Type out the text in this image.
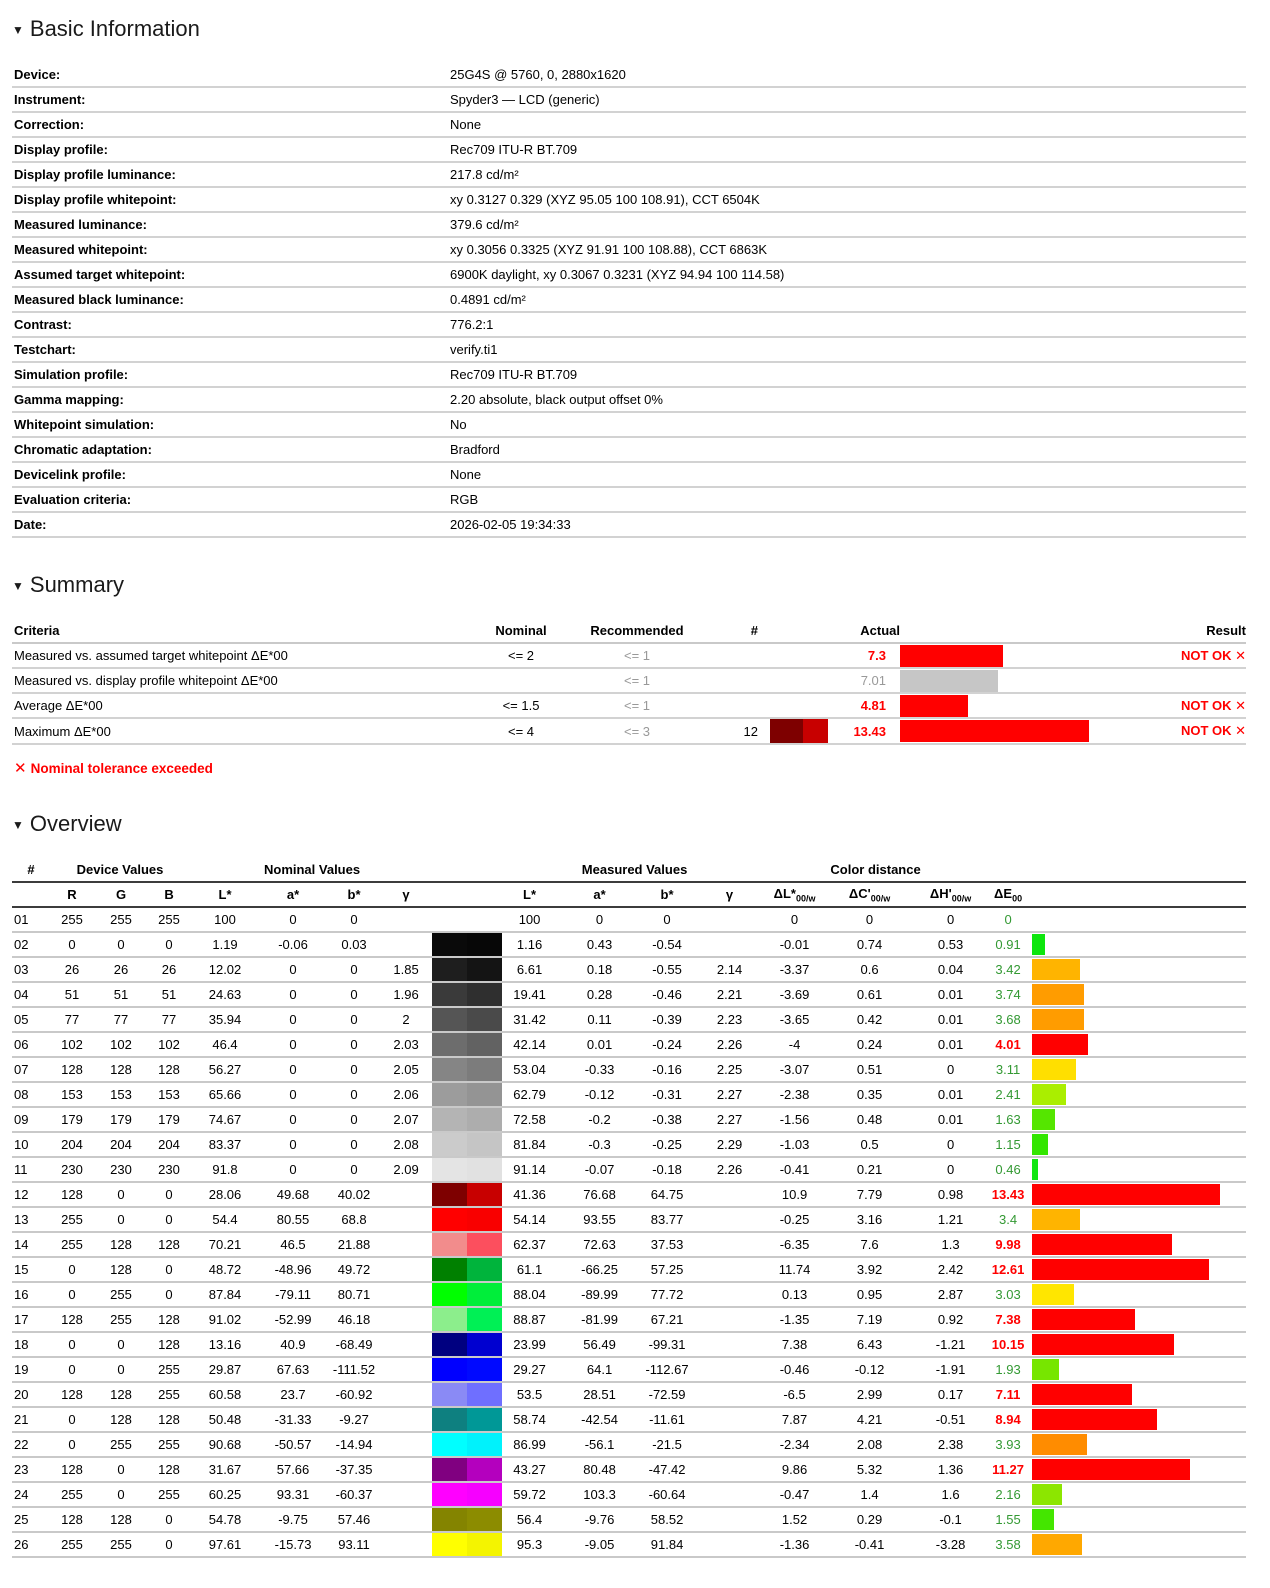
▼ Basic Information
Device:	25G4S @ 5760, 0, 2880x1620
Instrument:	Spyder3 — LCD (generic)
Correction:	None
Display profile:	Rec709 ITU-R BT.709
Display profile luminance:	217.8 cd/m²
Display profile whitepoint:	xy 0.3127 0.329 (XYZ 95.05 100 108.91), CCT 6504K
Measured luminance:	379.6 cd/m²
Measured whitepoint:	xy 0.3056 0.3325 (XYZ 91.91 100 108.88), CCT 6863K
Assumed target whitepoint:	6900K daylight, xy 0.3067 0.3231 (XYZ 94.94 100 114.58)
Measured black luminance:	0.4891 cd/m²
Contrast:	776.2:1
Testchart:	verify.ti1
Simulation profile:	Rec709 ITU-R BT.709
Gamma mapping:	2.20 absolute, black output offset 0%
Whitepoint simulation:	No
Chromatic adaptation:	Bradford
Devicelink profile:	None
Evaluation criteria:	RGB
Date:	2026-02-05 19:34:33
▼ Summary
Criteria	Nominal	Recommended	#		Actual		Result
Measured vs. assumed target whitepoint ΔE*00	<= 2	<= 1			7.3		NOT OK ✕
Measured vs. display profile whitepoint ΔE*00		<= 1			7.01	

Average ΔE*00	<= 1.5	<= 1			4.81		NOT OK ✕
Maximum ΔE*00	<= 4	<= 3	12		13.43		NOT OK ✕
✕ Nominal tolerance exceeded
▼ Overview
#	Device Values			Nominal Values						Measured Values				Color distance				
	R	G	B	L*	a*	b*	γ			L*	a*	b*	γ	$\Delta L*_{00/w}$	$\Delta C'_{00/w}$	$\Delta H'_{00/w}$	$\Delta E_{00}$	
01	255	255	255	100	0	0				100	0	0		0	0	0	0	
02	0	0	0	1.19	-0.06	0.03				1.16	0.43	-0.54		-0.01	0.74	0.53	0.91	

03	26	26	26	12.02	0	0	1.85			6.61	0.18	-0.55	2.14	-3.37	0.6	0.04	3.42	

04	51	51	51	24.63	0	0	1.96			19.41	0.28	-0.46	2.21	-3.69	0.61	0.01	3.74	

05	77	77	77	35.94	0	0	2			31.42	0.11	-0.39	2.23	-3.65	0.42	0.01	3.68	

06	102	102	102	46.4	0	0	2.03			42.14	0.01	-0.24	2.26	-4	0.24	0.01	4.01	

07	128	128	128	56.27	0	0	2.05			53.04	-0.33	-0.16	2.25	-3.07	0.51	0	3.11	

08	153	153	153	65.66	0	0	2.06			62.79	-0.12	-0.31	2.27	-2.38	0.35	0.01	2.41	

09	179	179	179	74.67	0	0	2.07			72.58	-0.2	-0.38	2.27	-1.56	0.48	0.01	1.63	

10	204	204	204	83.37	0	0	2.08			81.84	-0.3	-0.25	2.29	-1.03	0.5	0	1.15	

11	230	230	230	91.8	0	0	2.09			91.14	-0.07	-0.18	2.26	-0.41	0.21	0	0.46	

12	128	0	0	28.06	49.68	40.02				41.36	76.68	64.75		10.9	7.79	0.98	13.43	

13	255	0	0	54.4	80.55	68.8				54.14	93.55	83.77		-0.25	3.16	1.21	3.4	

14	255	128	128	70.21	46.5	21.88				62.37	72.63	37.53		-6.35	7.6	1.3	9.98	

15	0	128	0	48.72	-48.96	49.72				61.1	-66.25	57.25		11.74	3.92	2.42	12.61	

16	0	255	0	87.84	-79.11	80.71				88.04	-89.99	77.72		0.13	0.95	2.87	3.03	

17	128	255	128	91.02	-52.99	46.18				88.87	-81.99	67.21		-1.35	7.19	0.92	7.38	

18	0	0	128	13.16	40.9	-68.49				23.99	56.49	-99.31		7.38	6.43	-1.21	10.15	

19	0	0	255	29.87	67.63	-111.52				29.27	64.1	-112.67		-0.46	-0.12	-1.91	1.93	

20	128	128	255	60.58	23.7	-60.92				53.5	28.51	-72.59		-6.5	2.99	0.17	7.11	

21	0	128	128	50.48	-31.33	-9.27				58.74	-42.54	-11.61		7.87	4.21	-0.51	8.94	

22	0	255	255	90.68	-50.57	-14.94				86.99	-56.1	-21.5		-2.34	2.08	2.38	3.93	

23	128	0	128	31.67	57.66	-37.35				43.27	80.48	-47.42		9.86	5.32	1.36	11.27	

24	255	0	255	60.25	93.31	-60.37				59.72	103.3	-60.64		-0.47	1.4	1.6	2.16	

25	128	128	0	54.78	-9.75	57.46				56.4	-9.76	58.52		1.52	0.29	-0.1	1.55	

26	255	255	0	97.61	-15.73	93.11				95.3	-9.05	91.84		-1.36	-0.41	-3.28	3.58	
